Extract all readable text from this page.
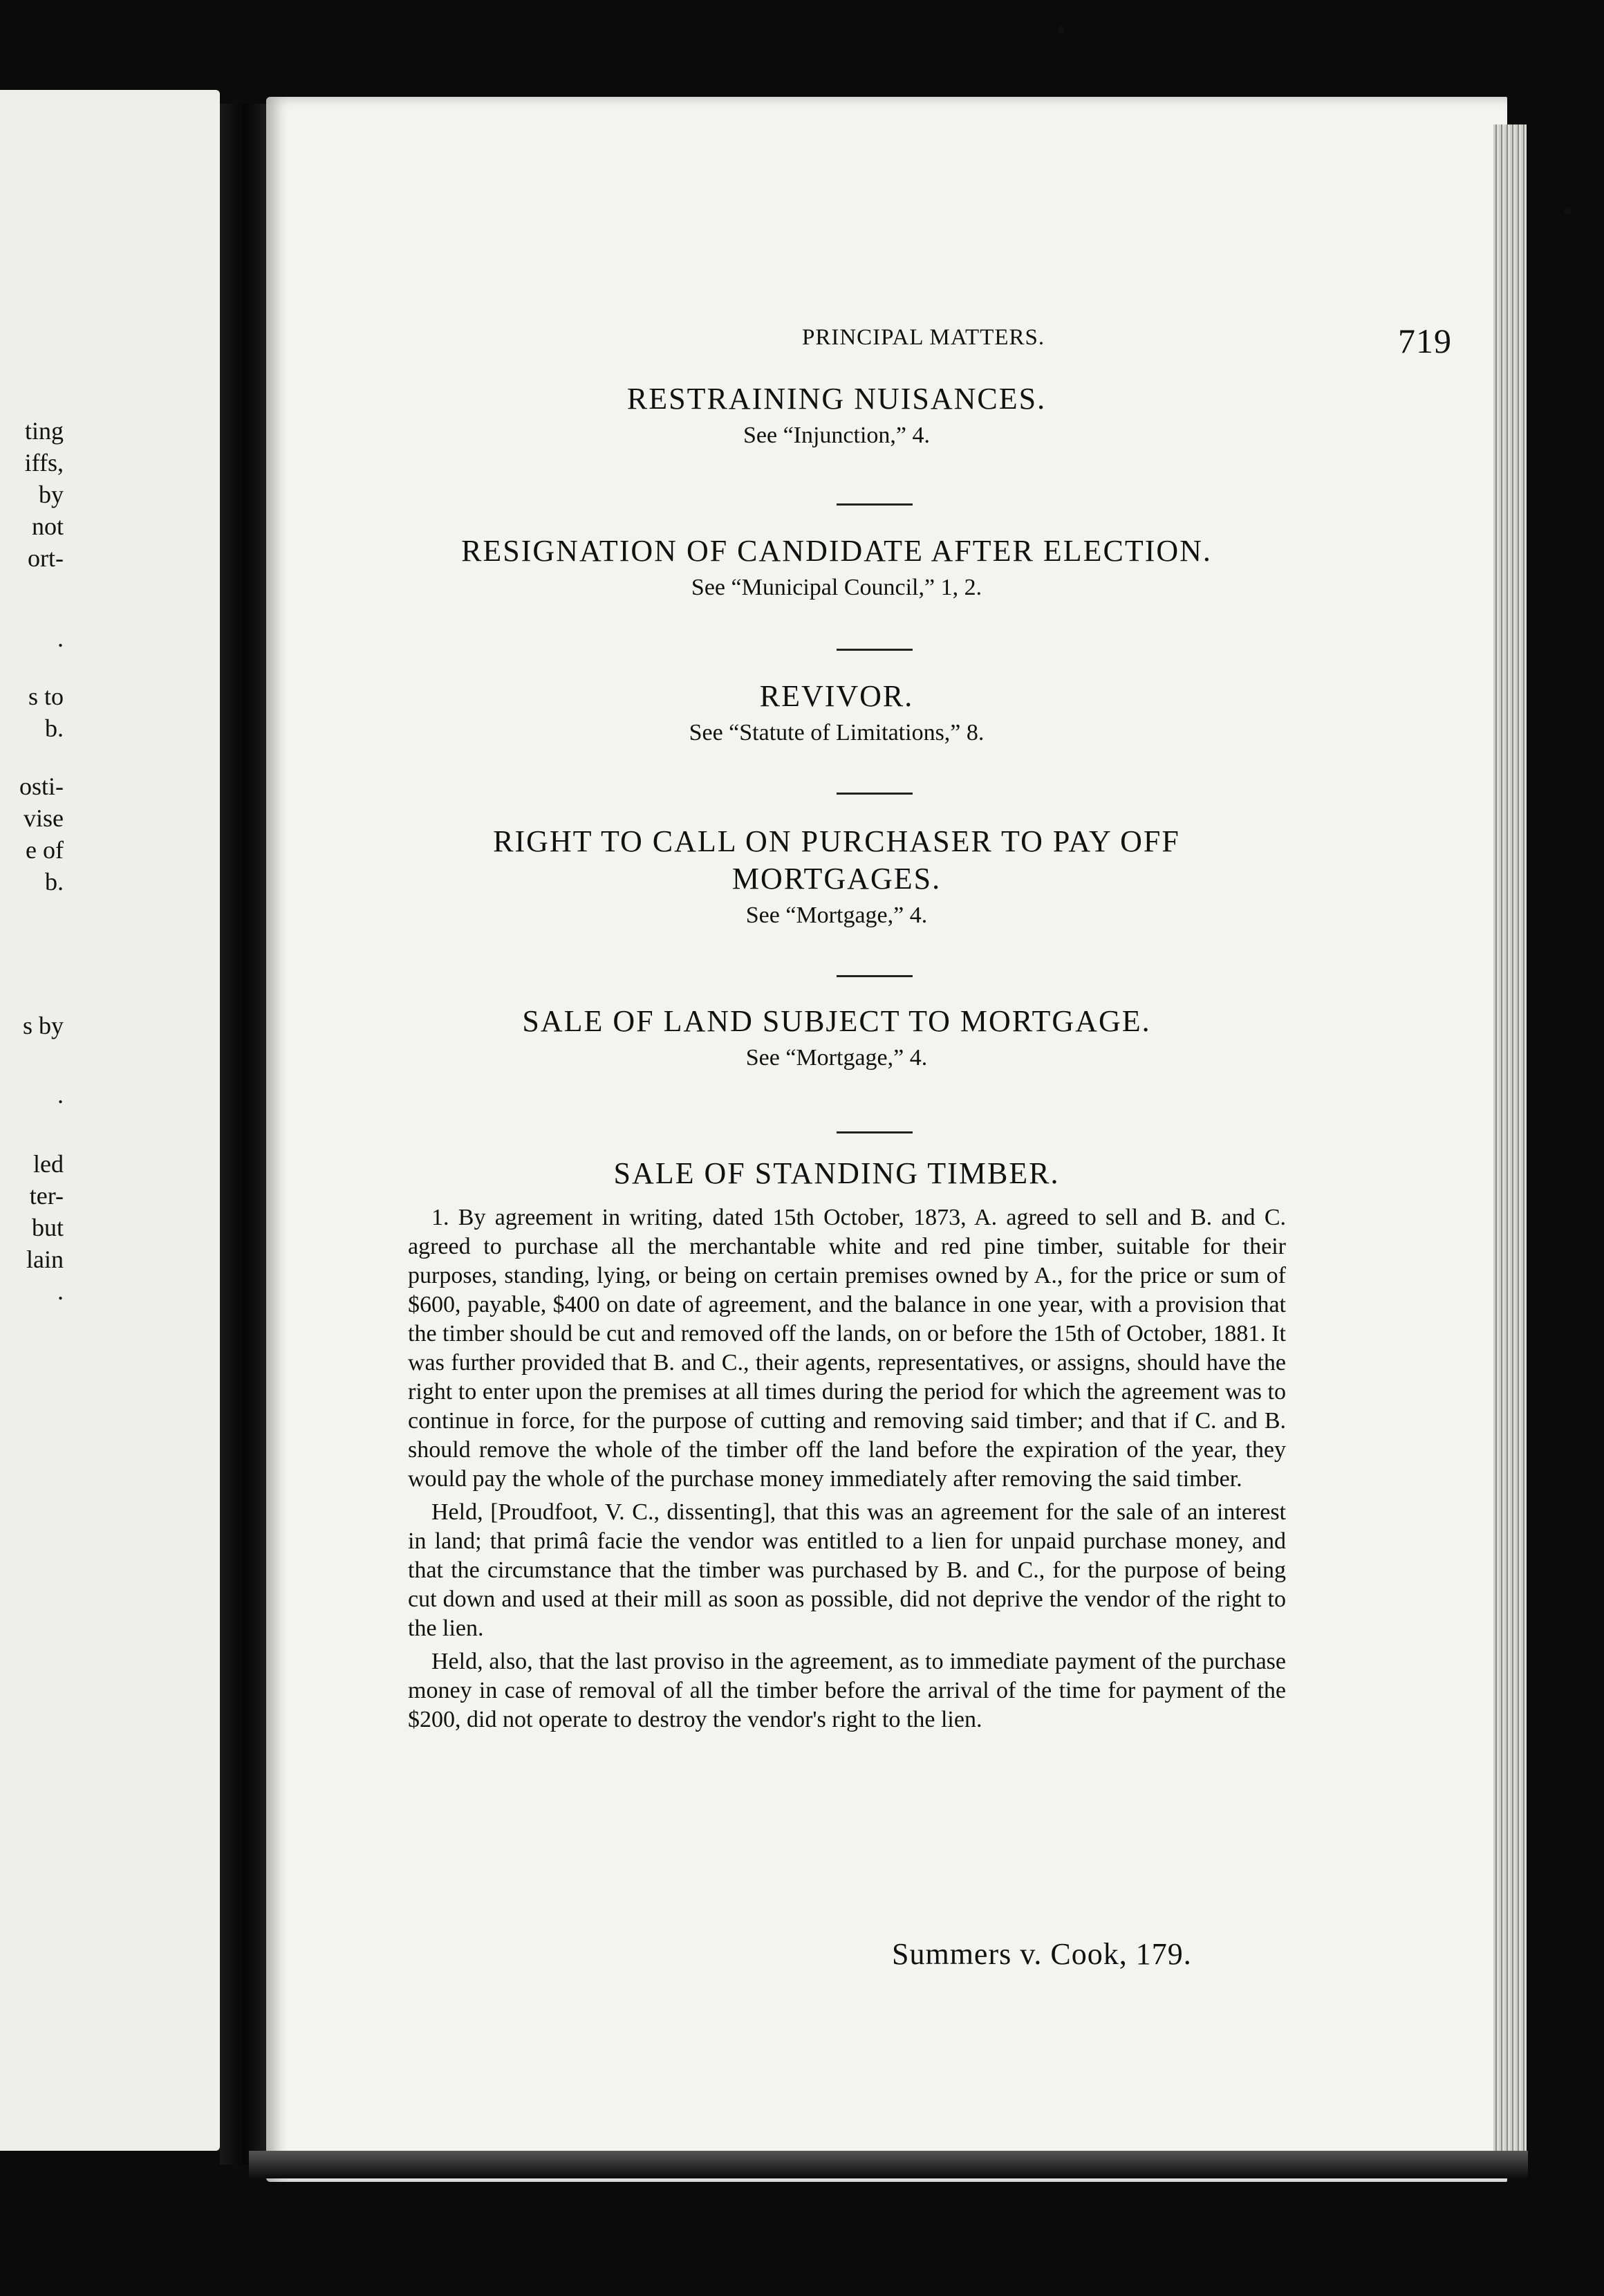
ting
iffs,
by
not
ort-
.
s to
b.
osti-
vise
e of
b.
s by
.
led
ter-
but
lain
.
PRINCIPAL MATTERS.	719
RESTRAINING NUISANCES.
See “Injunction,” 4.
RESIGNATION OF CANDIDATE AFTER ELECTION.
See “Municipal Council,” 1, 2.
REVIVOR.
See “Statute of Limitations,” 8.
RIGHT TO CALL ON PURCHASER TO PAY OFF
MORTGAGES.
See “Mortgage,” 4.
SALE OF LAND SUBJECT TO MORTGAGE.
See “Mortgage,” 4.
SALE OF STANDING TIMBER.

1. By agreement in writing, dated 15th October, 1873, A. agreed to sell and B. and C. agreed to purchase all the merchantable white and red pine timber, suitable for their purposes, standing, lying, or being on certain premises owned by A., for the price or sum of $600, payable, $400 on date of agreement, and the balance in one year, with a provision that the timber should be cut and removed off the lands, on or before the 15th of October, 1881. It was further provided that B. and C., their agents, representatives, or assigns, should have the right to enter upon the premises at all times during the period for which the agreement was to continue in force, for the purpose of cutting and removing said timber; and that if C. and B. should remove the whole of the timber off the land before the expiration of the year, they would pay the whole of the purchase money immediately after removing the said timber.

Held, [Proudfoot, V. C., dissenting], that this was an agreement for the sale of an interest in land; that primâ facie the vendor was entitled to a lien for unpaid purchase money, and that the circumstance that the timber was purchased by B. and C., for the purpose of being cut down and used at their mill as soon as possible, did not deprive the vendor of the right to the lien.

Held, also, that the last proviso in the agreement, as to immediate payment of the purchase money in case of removal of all the timber before the arrival of the time for payment of the $200, did not operate to destroy the vendor's right to the lien.

Summers v. Cook, 179.
